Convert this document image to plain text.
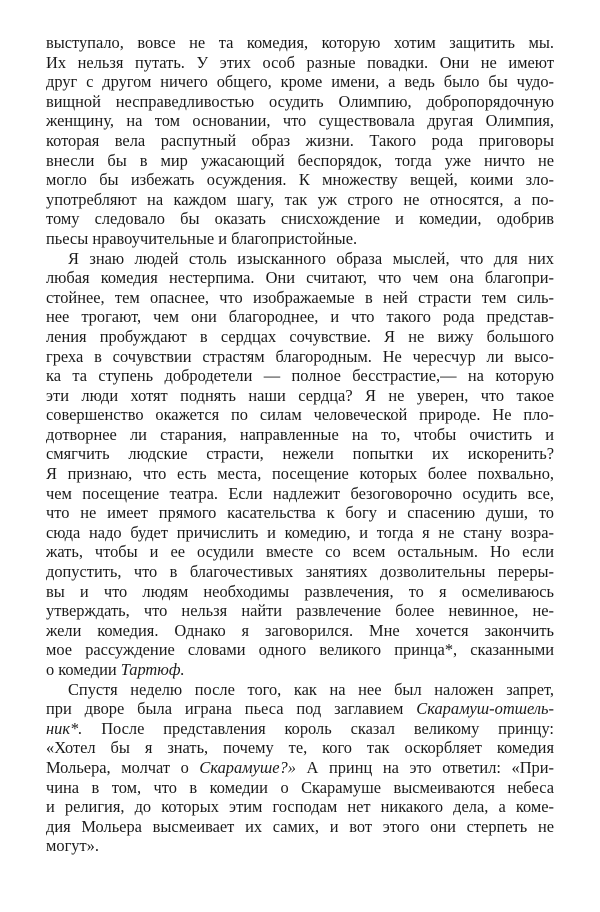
выступало, вовсе не та комедия, которую хотим защитить мы.
Их нельзя путать. У этих особ разные повадки. Они не имеют
друг с другом ничего общего, кроме имени, а ведь было бы чудо-
вищной несправедливостью осудить Олимпию, добропорядочную
женщину, на том основании, что существовала другая Олимпия,
которая вела распутный образ жизни. Такого рода приговоры
внесли бы в мир ужасающий беспорядок, тогда уже ничто не
могло бы избежать осуждения. К множеству вещей, коими зло-
употребляют на каждом шагу, так уж строго не относятся, а по-
тому следовало бы оказать снисхождение и комедии, одобрив
пьесы нравоучительные и благопристойные.
Я знаю людей столь изысканного образа мыслей, что для них
любая комедия нестерпима. Они считают, что чем она благопри-
стойнее, тем опаснее, что изображаемые в ней страсти тем силь-
нее трогают, чем они благороднее, и что такого рода представ-
ления пробуждают в сердцах сочувствие. Я не вижу большого
греха в сочувствии страстям благородным. Не чересчур ли высо-
ка та ступень добродетели — полное бесстрастие,— на которую
эти люди хотят поднять наши сердца? Я не уверен, что такое
совершенство окажется по силам человеческой природе. Не пло-
дотворнее ли старания, направленные на то, чтобы очистить и
смягчить людские страсти, нежели попытки их искоренить?
Я признаю, что есть места, посещение которых более похвально,
чем посещение театра. Если надлежит безоговорочно осудить все,
что не имеет прямого касательства к богу и спасению души, то
сюда надо будет причислить и комедию, и тогда я не стану возра-
жать, чтобы и ее осудили вместе со всем остальным. Но если
допустить, что в благочестивых занятиях дозволительны переры-
вы и что людям необходимы развлечения, то я осмеливаюсь
утверждать, что нельзя найти развлечение более невинное, не-
жели комедия. Однако я заговорился. Мне хочется закончить
мое рассуждение словами одного великого принца*, сказанными
о комедии Тартюф.
Спустя неделю после того, как на нее был наложен запрет,
при дворе была играна пьеса под заглавием Скарамуш-отшель-
ник*. После представления король сказал великому принцу:
«Хотел бы я знать, почему те, кого так оскорбляет комедия
Мольера, молчат о Скарамуше?» А принц на это ответил: «При-
чина в том, что в комедии о Скарамуше высмеиваются небеса
и религия, до которых этим господам нет никакого дела, а коме-
дия Мольера высмеивает их самих, и вот этого они стерпеть не
могут».
